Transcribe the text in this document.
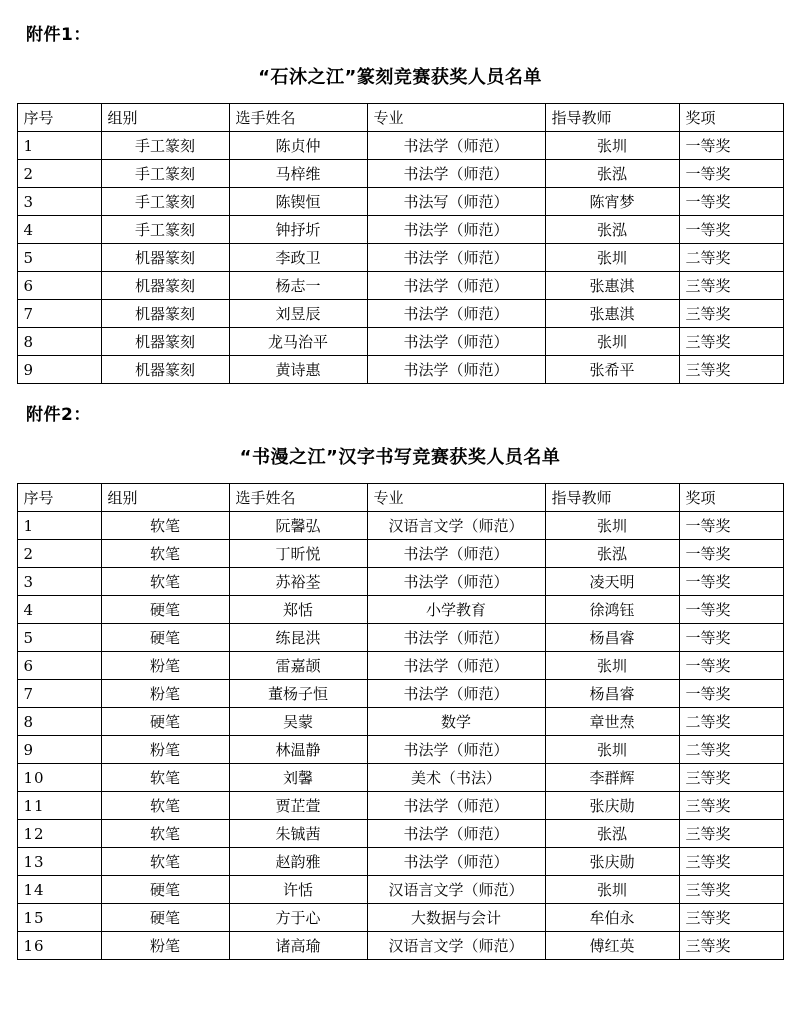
附件1：
“石沐之江”篆刻竞赛获奖人员名单
序号	组别	选手姓名	专业	指导教师	奖项
1	手工篆刻	陈贞仲	书法学（师范）	张圳	一等奖
2	手工篆刻	马梓维	书法学（师范）	张泓	一等奖
3	手工篆刻	陈锲恒	书法写（师范）	陈宵梦	一等奖
4	手工篆刻	钟抒圻	书法学（师范）	张泓	一等奖
5	机器篆刻	李政卫	书法学（师范）	张圳	二等奖
6	机器篆刻	杨志一	书法学（师范）	张惠淇	三等奖
7	机器篆刻	刘昱辰	书法学（师范）	张惠淇	三等奖
8	机器篆刻	龙马治平	书法学（师范）	张圳	三等奖
9	机器篆刻	黄诗惠	书法学（师范）	张希平	三等奖
附件2：
“书漫之江”汉字书写竞赛获奖人员名单
序号	组别	选手姓名	专业	指导教师	奖项
1	软笔	阮馨弘	汉语言文学（师范）	张圳	一等奖
2	软笔	丁昕悦	书法学（师范）	张泓	一等奖
3	软笔	苏裕荃	书法学（师范）	凌天明	一等奖
4	硬笔	郑恬	小学教育	徐鸿钰	一等奖
5	硬笔	练昆洪	书法学（师范）	杨昌睿	一等奖
6	粉笔	雷嘉颉	书法学（师范）	张圳	一等奖
7	粉笔	董杨子恒	书法学（师范）	杨昌睿	一等奖
8	硬笔	吴蒙	数学	章世焘	二等奖
9	粉笔	林温静	书法学（师范）	张圳	二等奖
10	软笔	刘馨	美术（书法）	李群辉	三等奖
11	软笔	贾芷萱	书法学（师范）	张庆勋	三等奖
12	软笔	朱铖茜	书法学（师范）	张泓	三等奖
13	软笔	赵韵雅	书法学（师范）	张庆勋	三等奖
14	硬笔	许恬	汉语言文学（师范）	张圳	三等奖
15	硬笔	方于心	大数据与会计	牟伯永	三等奖
16	粉笔	诸高瑜	汉语言文学（师范）	傅红英	三等奖
